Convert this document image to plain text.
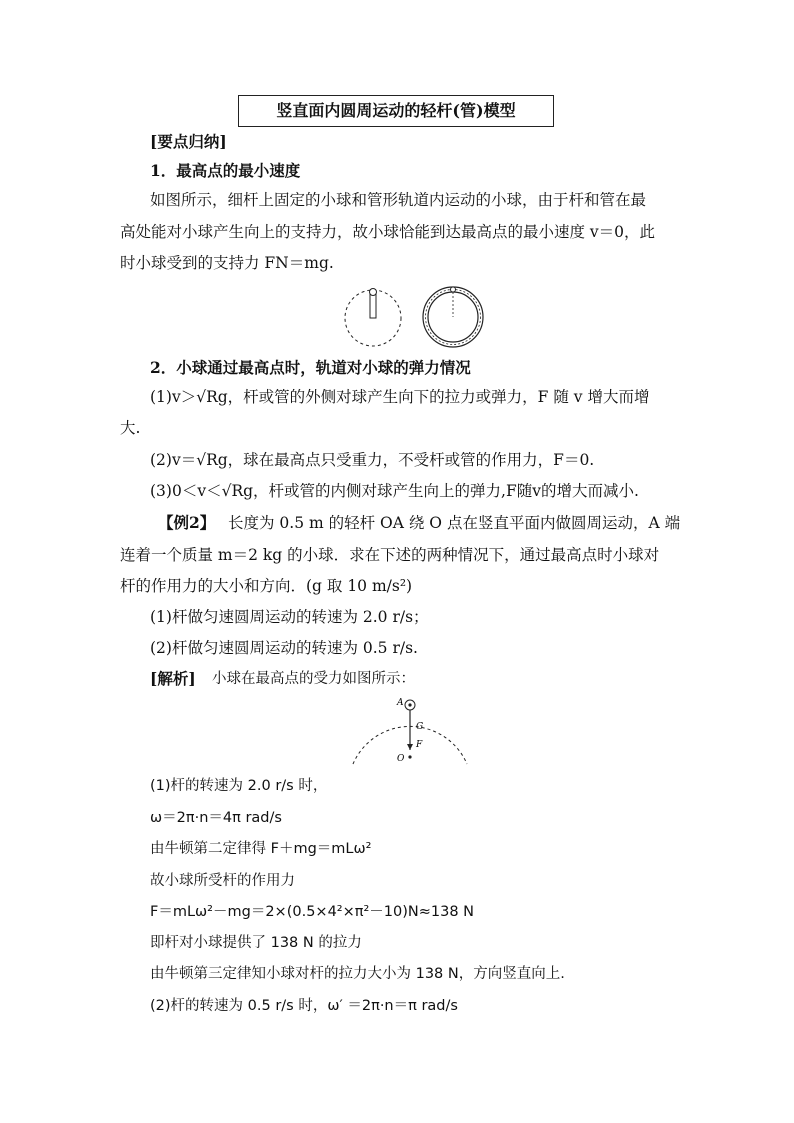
竖直面内圆周运动的轻杆(管)模型
[要点归纳]
1．最高点的最小速度
如图所示，细杆上固定的小球和管形轨道内运动的小球，由于杆和管在最
高处能对小球产生向上的支持力，故小球恰能到达最高点的最小速度 v＝0，此
时小球受到的支持力 FN＝mg.
2．小球通过最高点时，轨道对小球的弹力情况
(1)v＞√Rg，杆或管的外侧对球产生向下的拉力或弹力，F 随 v 增大而增
大.
(2)v＝√Rg，球在最高点只受重力，不受杆或管的作用力，F＝0.
(3)0＜v＜√Rg，杆或管的内侧对球产生向上的弹力,F随v的增大而减小.
【例2】 长度为 0.5 m 的轻杆 OA 绕 O 点在竖直平面内做圆周运动，A 端
连着一个质量 m＝2 kg 的小球．求在下述的两种情况下，通过最高点时小球对
杆的作用力的大小和方向．(g 取 10 m/s²)
(1)杆做匀速圆周运动的转速为 2.0 r/s；
(2)杆做匀速圆周运动的转速为 0.5 r/s.
[解析] 小球在最高点的受力如图所示：
A
G
F
O
(1)杆的转速为 2.0 r/s 时，
ω＝2π·n＝4π rad/s
由牛顿第二定律得 F＋mg＝mLω²
故小球所受杆的作用力
F＝mLω²－mg＝2×(0.5×4²×π²－10)N≈138 N
即杆对小球提供了 138 N 的拉力
由牛顿第三定律知小球对杆的拉力大小为 138 N，方向竖直向上.
(2)杆的转速为 0.5 r/s 时，ω′ ＝2π·n＝π rad/s
